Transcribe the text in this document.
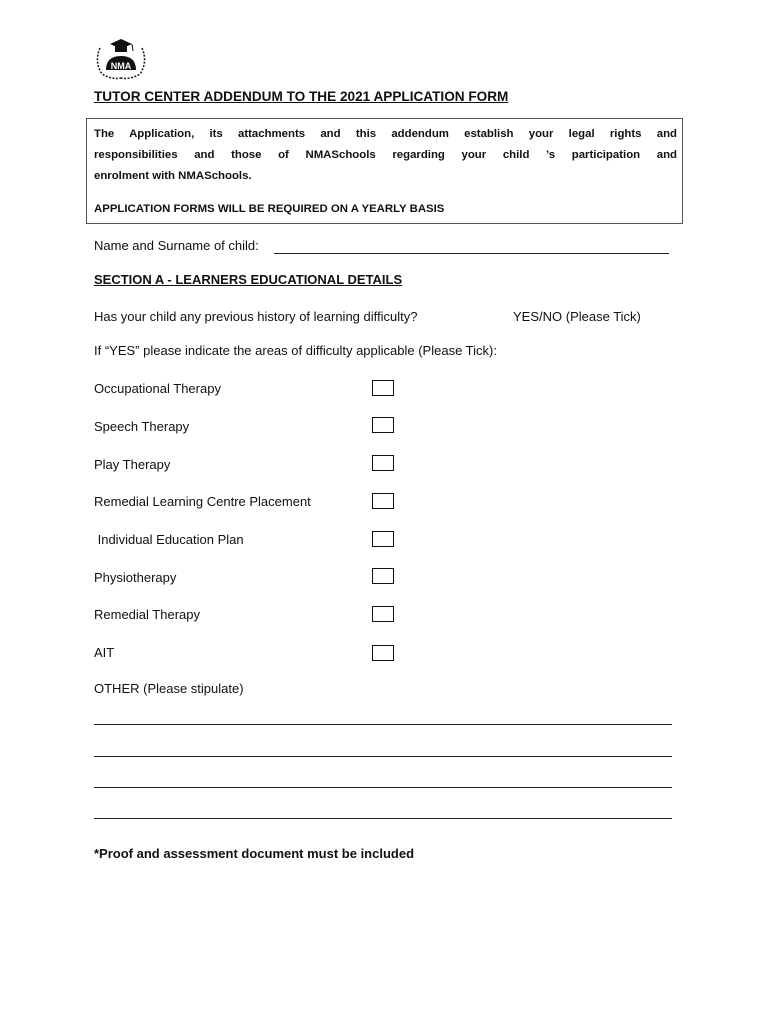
NMA
TUTOR CENTER ADDENDUM TO THE 2021 APPLICATION FORM
The Application, its attachments and this addendum establish your legal rights and
responsibilities and those of NMASchools regarding your child ’s participation and
enrolment with NMASchools.
APPLICATION FORMS WILL BE REQUIRED ON A YEARLY BASIS
Name and Surname of child:
SECTION A - LEARNERS EDUCATIONAL DETAILS
Has your child any previous history of learning difficulty?	YES/NO (Please Tick)
If “YES” please indicate the areas of difficulty applicable (Please Tick):
Occupational Therapy
Speech Therapy
Play Therapy
Remedial Learning Centre Placement
Individual Education Plan
Physiotherapy
Remedial Therapy
AIT
OTHER (Please stipulate)
*Proof and assessment document must be included
